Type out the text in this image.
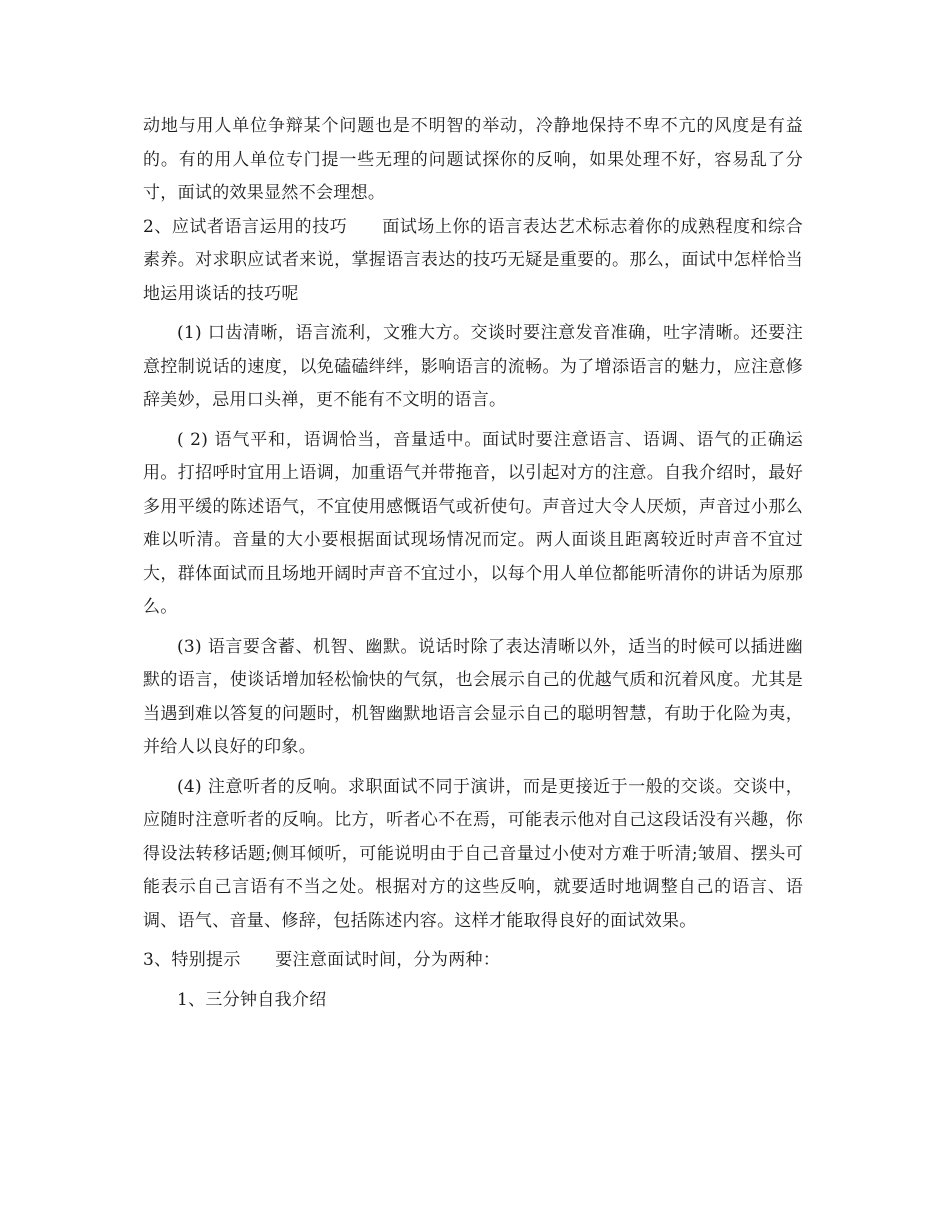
动地与用人单位争辩某个问题也是不明智的举动，冷静地保持不卑不亢的风度是有益的。有的用人单位专门提一些无理的问题试探你的反响，如果处理不好，容易乱了分寸，面试的效果显然不会理想。

2、应试者语言运用的技巧　　面试场上你的语言表达艺术标志着你的成熟程度和综合素养。对求职应试者来说，掌握语言表达的技巧无疑是重要的。那么，面试中怎样恰当地运用谈话的技巧呢

(1) 口齿清晰，语言流利，文雅大方。交谈时要注意发音准确，吐字清晰。还要注意控制说话的速度，以免磕磕绊绊，影响语言的流畅。为了增添语言的魅力，应注意修辞美妙，忌用口头禅，更不能有不文明的语言。

( 2) 语气平和，语调恰当，音量适中。面试时要注意语言、语调、语气的正确运用。打招呼时宜用上语调，加重语气并带拖音，以引起对方的注意。自我介绍时，最好多用平缓的陈述语气，不宜使用感慨语气或祈使句。声音过大令人厌烦，声音过小那么难以听清。音量的大小要根据面试现场情况而定。两人面谈且距离较近时声音不宜过大，群体面试而且场地开阔时声音不宜过小，以每个用人单位都能听清你的讲话为原那么。

(3) 语言要含蓄、机智、幽默。说话时除了表达清晰以外，适当的时候可以插进幽默的语言，使谈话增加轻松愉快的气氛，也会展示自己的优越气质和沉着风度。尤其是当遇到难以答复的问题时，机智幽默地语言会显示自己的聪明智慧，有助于化险为夷，并给人以良好的印象。

(4) 注意听者的反响。求职面试不同于演讲，而是更接近于一般的交谈。交谈中，应随时注意听者的反响。比方，听者心不在焉，可能表示他对自己这段话没有兴趣，你得设法转移话题;侧耳倾听，可能说明由于自己音量过小使对方难于听清;皱眉、摆头可能表示自己言语有不当之处。根据对方的这些反响，就要适时地调整自己的语言、语调、语气、音量、修辞，包括陈述内容。这样才能取得良好的面试效果。

3、特别提示　　要注意面试时间，分为两种：

1、三分钟自我介绍
